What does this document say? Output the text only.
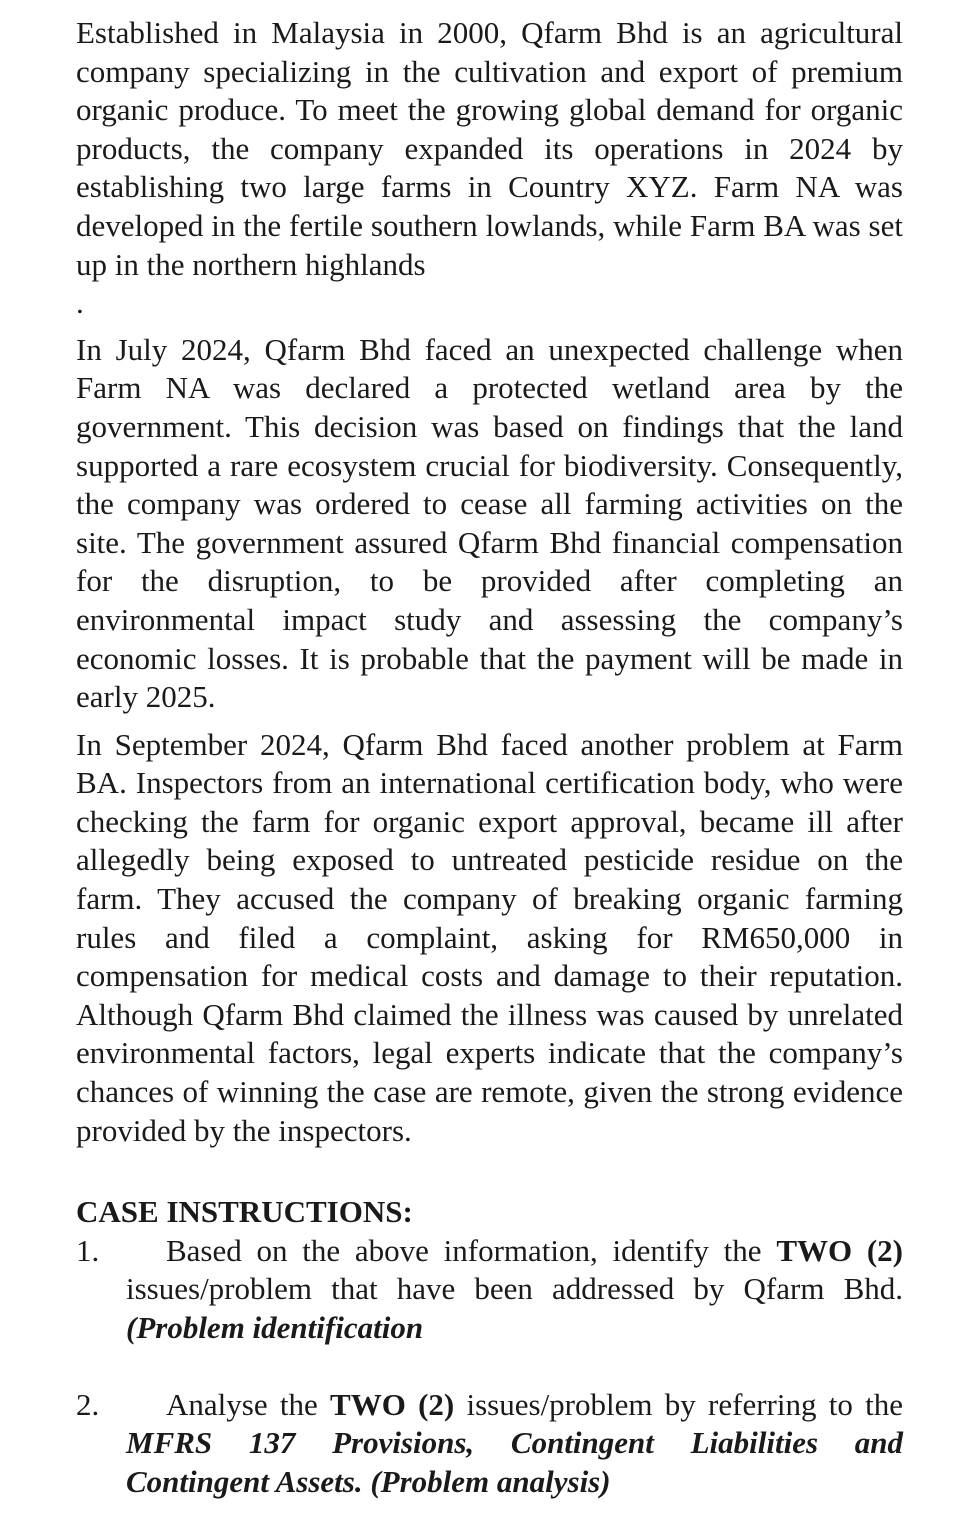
Established in Malaysia in 2000, Qfarm Bhd is an agricultural company specializing in the cultivation and export of premium organic produce. To meet the growing global demand for organic products, the company expanded its operations in 2024 by establishing two large farms in Country XYZ. Farm NA was developed in the fertile southern lowlands, while Farm BA was set up in the northern highlands

.

In July 2024, Qfarm Bhd faced an unexpected challenge when Farm NA was declared a protected wetland area by the government. This decision was based on findings that the land supported a rare ecosystem crucial for biodiversity. Consequently, the company was ordered to cease all farming activities on the site. The government assured Qfarm Bhd financial compensation for the disruption, to be provided after completing an environmental impact study and assessing the company’s economic losses. It is probable that the payment will be made in early 2025.

In September 2024, Qfarm Bhd faced another problem at Farm BA. Inspectors from an international certification body, who were checking the farm for organic export approval, became ill after allegedly being exposed to untreated pesticide residue on the farm. They accused the company of breaking organic farming rules and filed a complaint, asking for RM650,000 in compensation for medical costs and damage to their reputation. Although Qfarm Bhd claimed the illness was caused by unrelated environmental factors, legal experts indicate that the company’s chances of winning the case are remote, given the strong evidence provided by the inspectors.

CASE INSTRUCTIONS:

1.	Based on the above information, identify the TWO (2) issues/problem that have been addressed by Qfarm Bhd. (Problem identification
2.	Analyse the TWO (2) issues/problem by referring to the MFRS 137 Provisions, Contingent Liabilities and Contingent Assets. (Problem analysis)
